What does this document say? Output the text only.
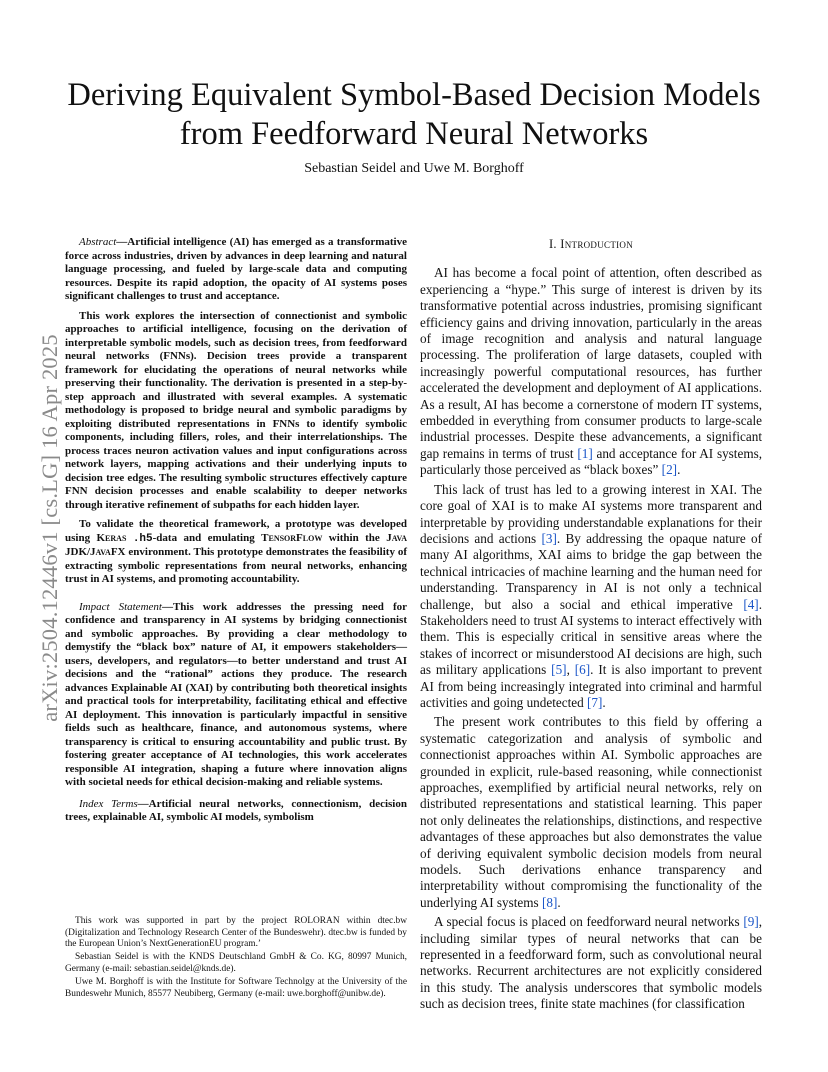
arXiv:2504.12446v1 [cs.LG] 16 Apr 2025
Deriving Equivalent Symbol-Based Decision Models from Feedforward Neural Networks
Sebastian Seidel and Uwe M. Borghoff

Abstract—Artificial intelligence (AI) has emerged as a transformative force across industries, driven by advances in deep learning and natural language processing, and fueled by large-scale data and computing resources. Despite its rapid adoption, the opacity of AI systems poses significant challenges to trust and acceptance.

This work explores the intersection of connectionist and symbolic approaches to artificial intelligence, focusing on the derivation of interpretable symbolic models, such as decision trees, from feedforward neural networks (FNNs). Decision trees provide a transparent framework for elucidating the operations of neural networks while preserving their functionality. The derivation is presented in a step-by-step approach and illustrated with several examples. A systematic methodology is proposed to bridge neural and symbolic paradigms by exploiting distributed representations in FNNs to identify symbolic components, including fillers, roles, and their interrelationships. The process traces neuron activation values and input configurations across network layers, mapping activations and their underlying inputs to decision tree edges. The resulting symbolic structures effectively capture FNN decision processes and enable scalability to deeper networks through iterative refinement of subpaths for each hidden layer.

To validate the theoretical framework, a prototype was developed using Keras .h5-data and emulating TensorFlow within the Java JDK/JavaFX environment. This prototype demonstrates the feasibility of extracting symbolic representations from neural networks, enhancing trust in AI systems, and promoting accountability.

Impact Statement—This work addresses the pressing need for confidence and transparency in AI systems by bridging connectionist and symbolic approaches. By providing a clear methodology to demystify the “black box” nature of AI, it empowers stakeholders—users, developers, and regulators—to better understand and trust AI decisions and the “rational” actions they produce. The research advances Explainable AI (XAI) by contributing both theoretical insights and practical tools for interpretability, facilitating ethical and effective AI deployment. This innovation is particularly impactful in sensitive fields such as healthcare, finance, and autonomous systems, where transparency is critical to ensuring accountability and public trust. By fostering greater acceptance of AI technologies, this work accelerates responsible AI integration, shaping a future where innovation aligns with societal needs for ethical decision-making and reliable systems.

Index Terms—Artificial neural networks, connectionism, decision trees, explainable AI, symbolic AI models, symbolism

This work was supported in part by the project ROLORAN within dtec.bw (Digitalization and Technology Research Center of the Bundeswehr). dtec.bw is funded by the European Union’s NextGenerationEU program.’

Sebastian Seidel is with the KNDS Deutschland GmbH & Co. KG, 80997 Munich, Germany (e-mail: sebastian.seidel@knds.de).

Uwe M. Borghoff is with the Institute for Software Technolgy at the University of the Bundeswehr Munich, 85577 Neubiberg, Germany (e-mail: uwe.borghoff@unibw.de).

I. Introduction

AI has become a focal point of attention, often described as experiencing a “hype.” This surge of interest is driven by its transformative potential across industries, promising significant efficiency gains and driving innovation, particularly in the areas of image recognition and analysis and natural language processing. The proliferation of large datasets, coupled with increasingly powerful computational resources, has further accelerated the development and deployment of AI applications. As a result, AI has become a cornerstone of modern IT systems, embedded in everything from consumer products to large-scale industrial processes. Despite these advancements, a significant gap remains in terms of trust [1] and acceptance for AI systems, particularly those perceived as “black boxes” [2].

This lack of trust has led to a growing interest in XAI. The core goal of XAI is to make AI systems more transparent and interpretable by providing understandable explanations for their decisions and actions [3]. By addressing the opaque nature of many AI algorithms, XAI aims to bridge the gap between the technical intricacies of machine learning and the human need for understanding. Transparency in AI is not only a technical challenge, but also a social and ethical imperative [4]. Stakeholders need to trust AI systems to interact effectively with them. This is especially critical in sensitive areas where the stakes of incorrect or misunderstood AI decisions are high, such as military applications [5], [6]. It is also important to prevent AI from being increasingly integrated into criminal and harmful activities and going undetected [7].

The present work contributes to this field by offering a systematic categorization and analysis of symbolic and connectionist approaches within AI. Symbolic approaches are grounded in explicit, rule-based reasoning, while connectionist approaches, exemplified by artificial neural networks, rely on distributed representations and statistical learning. This paper not only delineates the relationships, distinctions, and respective advantages of these approaches but also demonstrates the value of deriving equivalent symbolic decision models from neural models. Such derivations enhance transparency and interpretability without compromising the functionality of the underlying AI systems [8].

A special focus is placed on feedforward neural networks [9], including similar types of neural networks that can be represented in a feedforward form, such as convolutional neural networks. Recurrent architectures are not explicitly considered in this study. The analysis underscores that symbolic models such as decision trees, finite state machines (for classification
